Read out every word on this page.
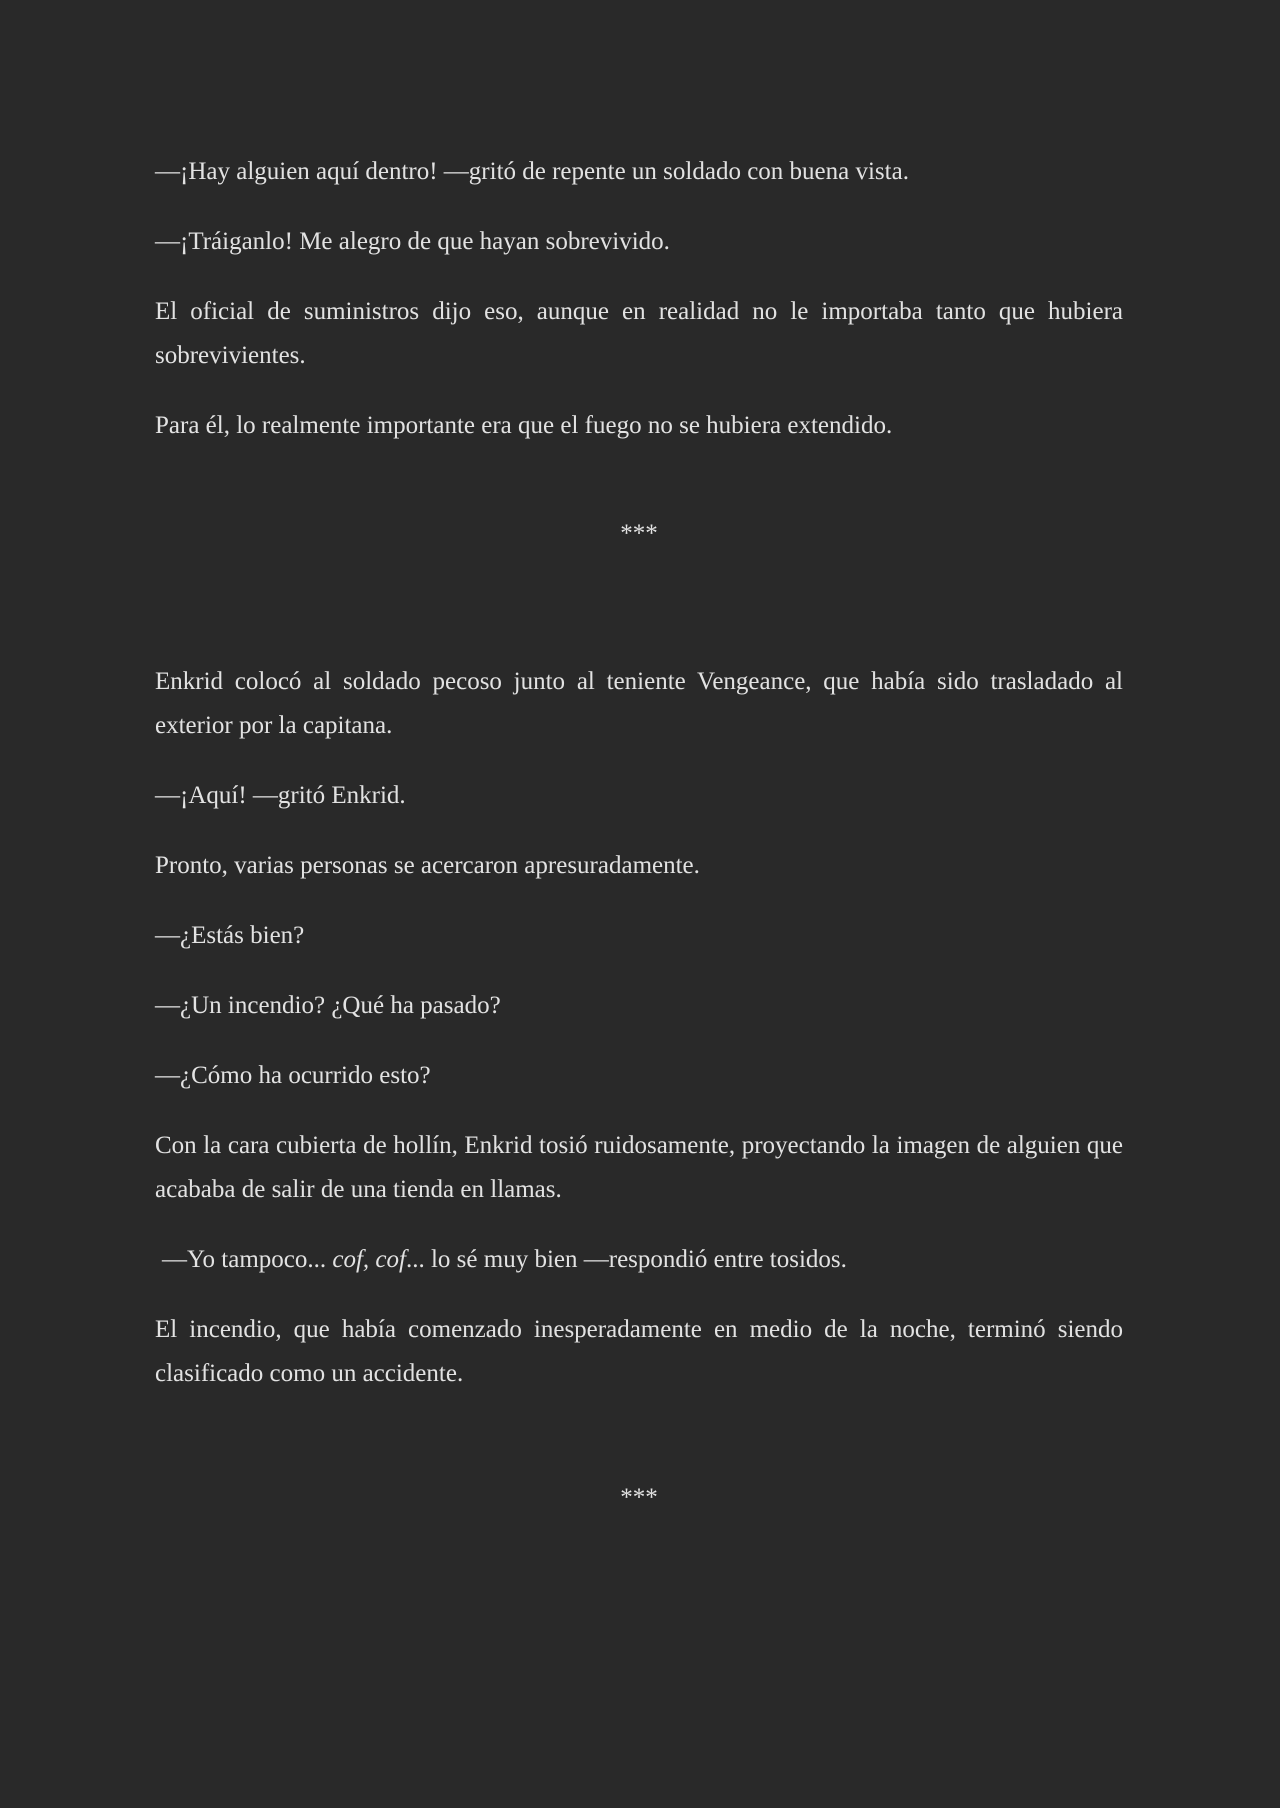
—¡Hay alguien aquí dentro! —gritó de repente un soldado con buena vista.

—¡Tráiganlo! Me alegro de que hayan sobrevivido.

El oficial de suministros dijo eso, aunque en realidad no le importaba tanto que hubiera sobrevivientes.

Para él, lo realmente importante era que el fuego no se hubiera extendido.

***

Enkrid colocó al soldado pecoso junto al teniente Vengeance, que había sido trasladado al exterior por la capitana.

—¡Aquí! —gritó Enkrid.

Pronto, varias personas se acercaron apresuradamente.

—¿Estás bien?

—¿Un incendio? ¿Qué ha pasado?

—¿Cómo ha ocurrido esto?

Con la cara cubierta de hollín, Enkrid tosió ruidosamente, proyectando la imagen de alguien que acababa de salir de una tienda en llamas.

—Yo tampoco... cof, cof... lo sé muy bien —respondió entre tosidos.

El incendio, que había comenzado inesperadamente en medio de la noche, terminó siendo clasificado como un accidente.

***
